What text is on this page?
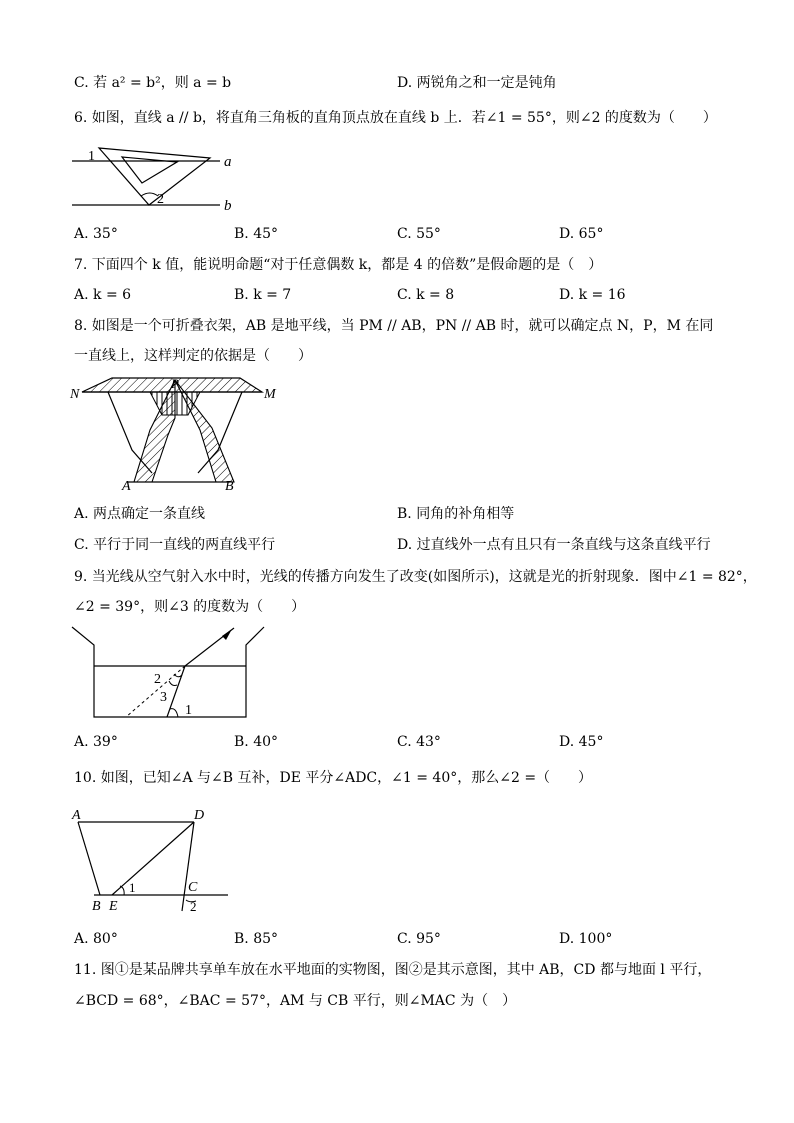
C. 若 a² = b²，则 a = b	D. 两锐角之和一定是钝角
6. 如图，直线 a // b，将直角三角板的直角顶点放在直线 b 上．若∠1 = 55°，则∠2 的度数为（　　）
1
2
a
b
A. 35°	B. 45°	C. 55°	D. 65°
7. 下面四个 k 值，能说明命题“对于任意偶数 k，都是 4 的倍数”是假命题的是（　）
A. k = 6	B. k = 7	C. k = 8	D. k = 16
8. 如图是一个可折叠衣架，AB 是地平线，当 PM // AB，PN // AB 时，就可以确定点 N，P，M 在同
一直线上，这样判定的依据是（　　）
N
P
M
A	B
A. 两点确定一条直线	B. 同角的补角相等
C. 平行于同一直线的两直线平行	D. 过直线外一点有且只有一条直线与这条直线平行
9. 当光线从空气射入水中时，光线的传播方向发生了改变(如图所示)，这就是光的折射现象．图中∠1 = 82°，
∠2 = 39°，则∠3 的度数为（　　）
2
3
1
A. 39°	B. 40°	C. 43°	D. 45°
10. 如图，已知∠A 与∠B 互补，DE 平分∠ADC，∠1 = 40°，那么∠2 =（　　）
A	D
B E
C
1
2
A. 80°	B. 85°	C. 95°	D. 100°
11. 图①是某品牌共享单车放在水平地面的实物图，图②是其示意图，其中 AB，CD 都与地面 l 平行，
∠BCD = 68°，∠BAC = 57°，AM 与 CB 平行，则∠MAC 为（　）
